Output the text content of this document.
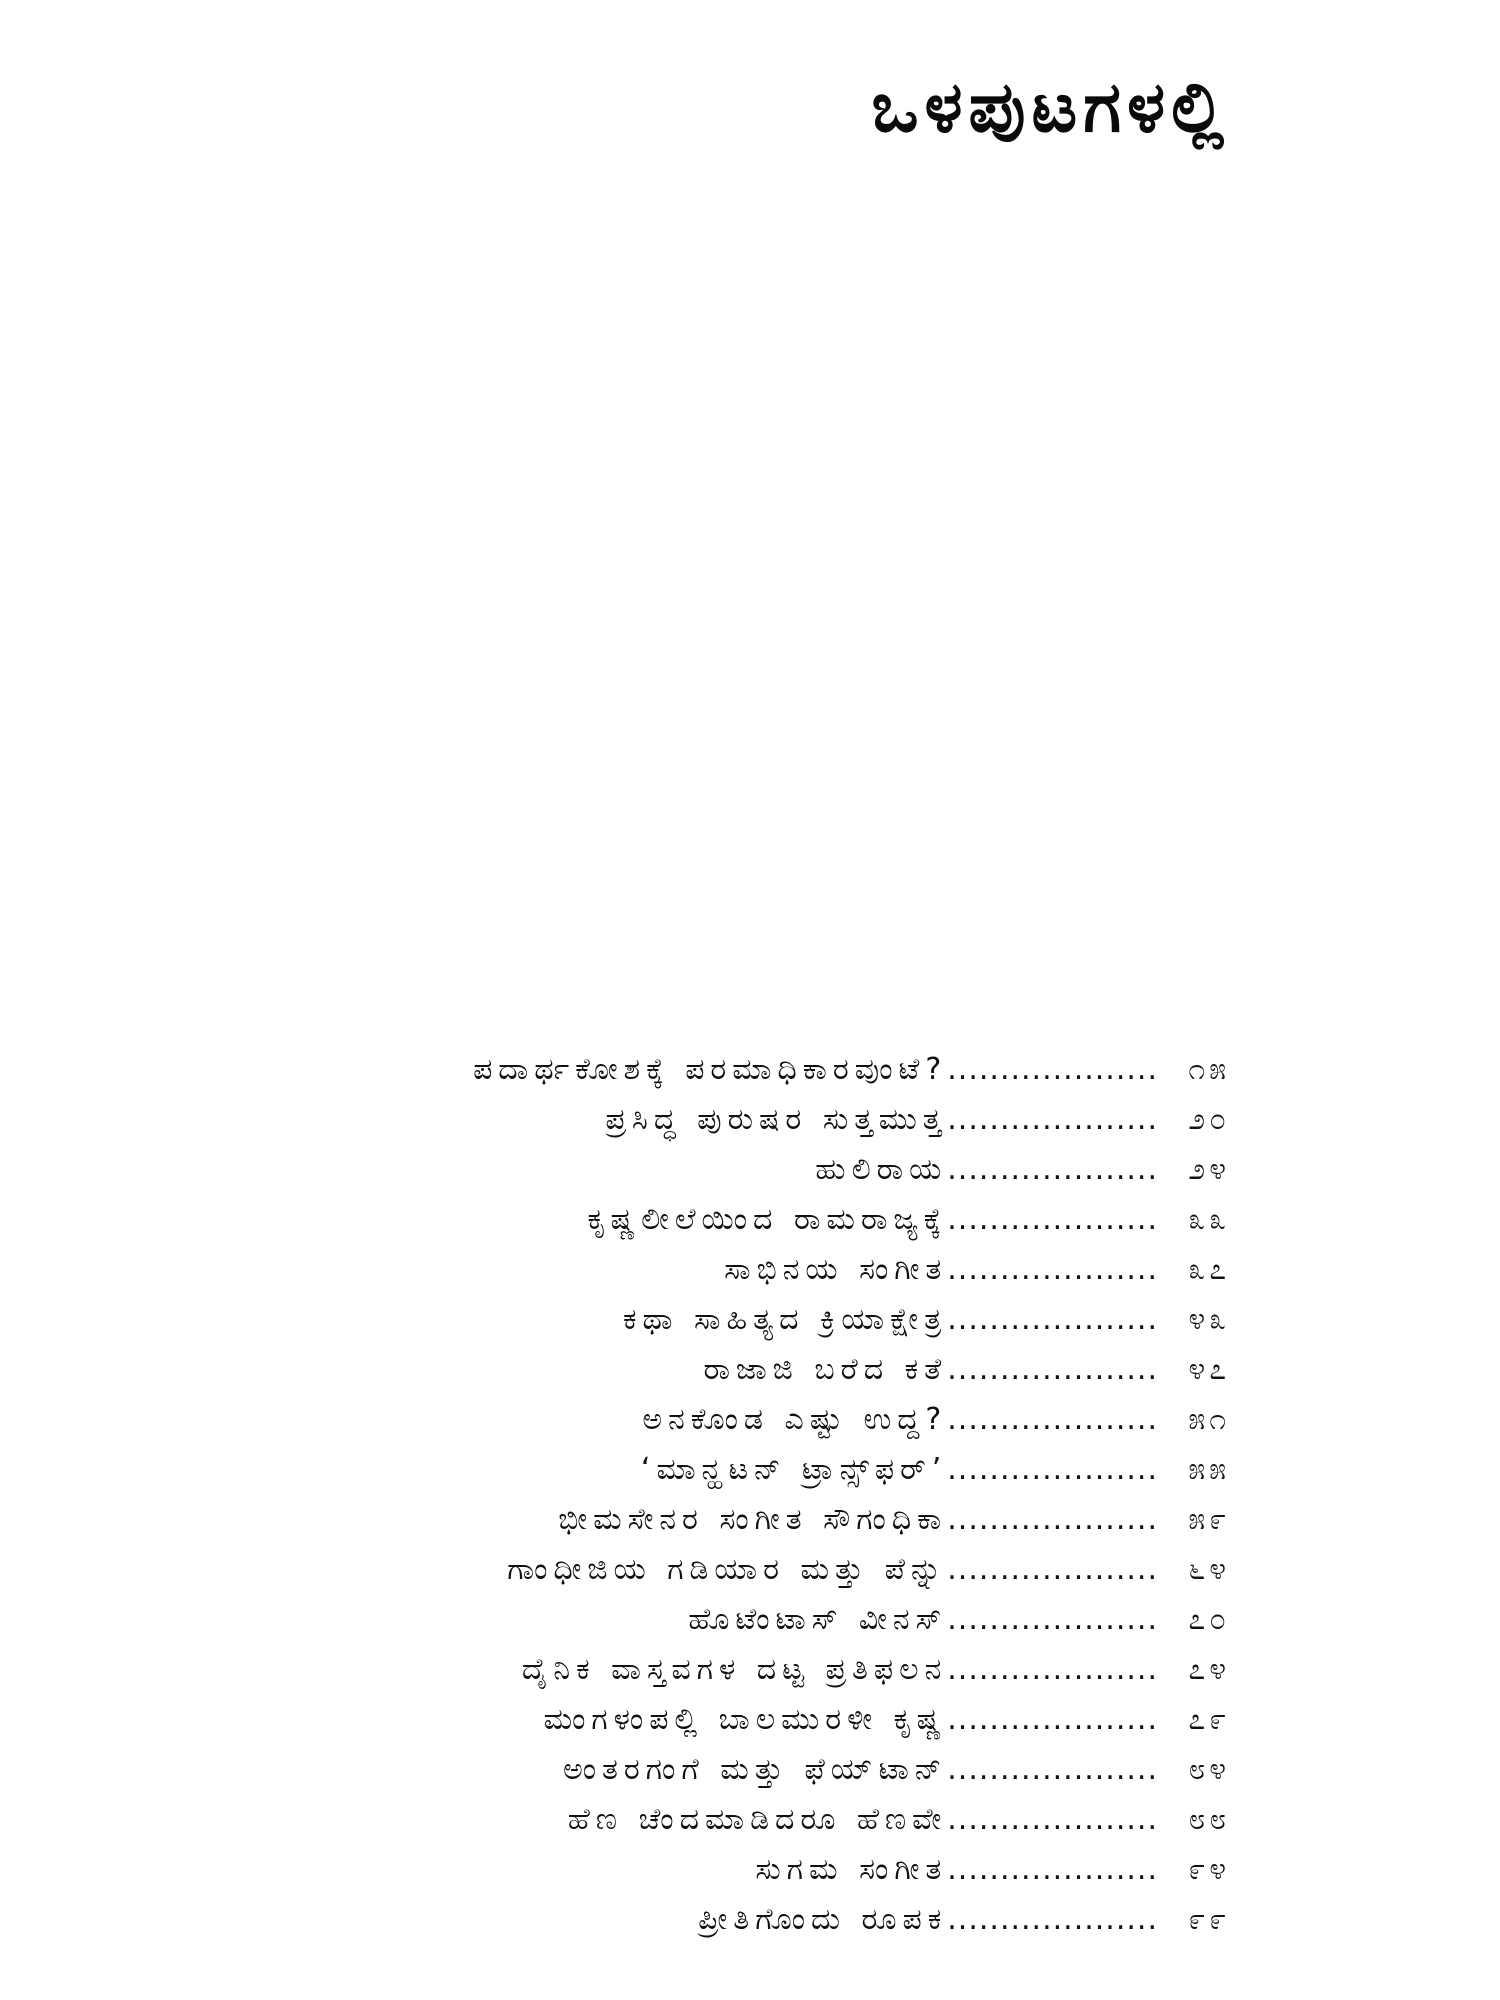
ಒಳಪುಟಗಳಲ್ಲಿ
ಪದಾರ್ಥಕೋಶಕ್ಕೆ ಪರಮಾಧಿಕಾರವುಂಟೆ? ....................	೧೫
ಪ್ರಸಿದ್ಧ ಪುರುಷರ ಸುತ್ತಮುತ್ತ ....................	೨೦
ಹುಲಿರಾಯ ....................	೨೪
ಕೃಷ್ಣಲೀಲೆಯಿಂದ ರಾಮರಾಜ್ಯಕ್ಕೆ ....................	೩೩
ಸಾಭಿನಯ ಸಂಗೀತ ....................	೩೭
ಕಥಾ ಸಾಹಿತ್ಯದ ಕ್ರಿಯಾಕ್ಷೇತ್ರ ....................	೪೩
ರಾಜಾಜಿ ಬರೆದ ಕತೆ ....................	೪೭
ಅನಕೊಂಡ ಎಷ್ಟು ಉದ್ದ? ....................	೫೧
‘ಮಾನ್ಹಟನ್ ಟ್ರಾನ್ಸ್‌ಫರ್’ ....................	೫೫
ಭೀಮಸೇನರ ಸಂಗೀತ ಸೌಗಂಧಿಕಾ ....................	೫೯
ಗಾಂಧೀಜಿಯ ಗಡಿಯಾರ ಮತ್ತು ಪೆನ್ನು ....................	೬೪
ಹೊಟೆಂಟಾಸ್ ವೀನಸ್ ....................	೭೦
ದೈನಿಕ ವಾಸ್ತವಗಳ ದಟ್ಟ ಪ್ರತಿಫಲನ ....................	೭೪
ಮಂಗಳಂಪಲ್ಲಿ ಬಾಲಮುರಳೀ ಕೃಷ್ಣ ....................	೭೯
ಅಂತರಗಂಗೆ ಮತ್ತು ಫೆಯ್‌ಟಾನ್ ....................	೮೪
ಹೆಣ ಚೆಂದಮಾಡಿದರೂ ಹೆಣವೇ ....................	೮೮
ಸುಗಮ ಸಂಗೀತ ....................	೯೪
ಪ್ರೀತಿಗೊಂದು ರೂಪಕ ....................	೯೯
